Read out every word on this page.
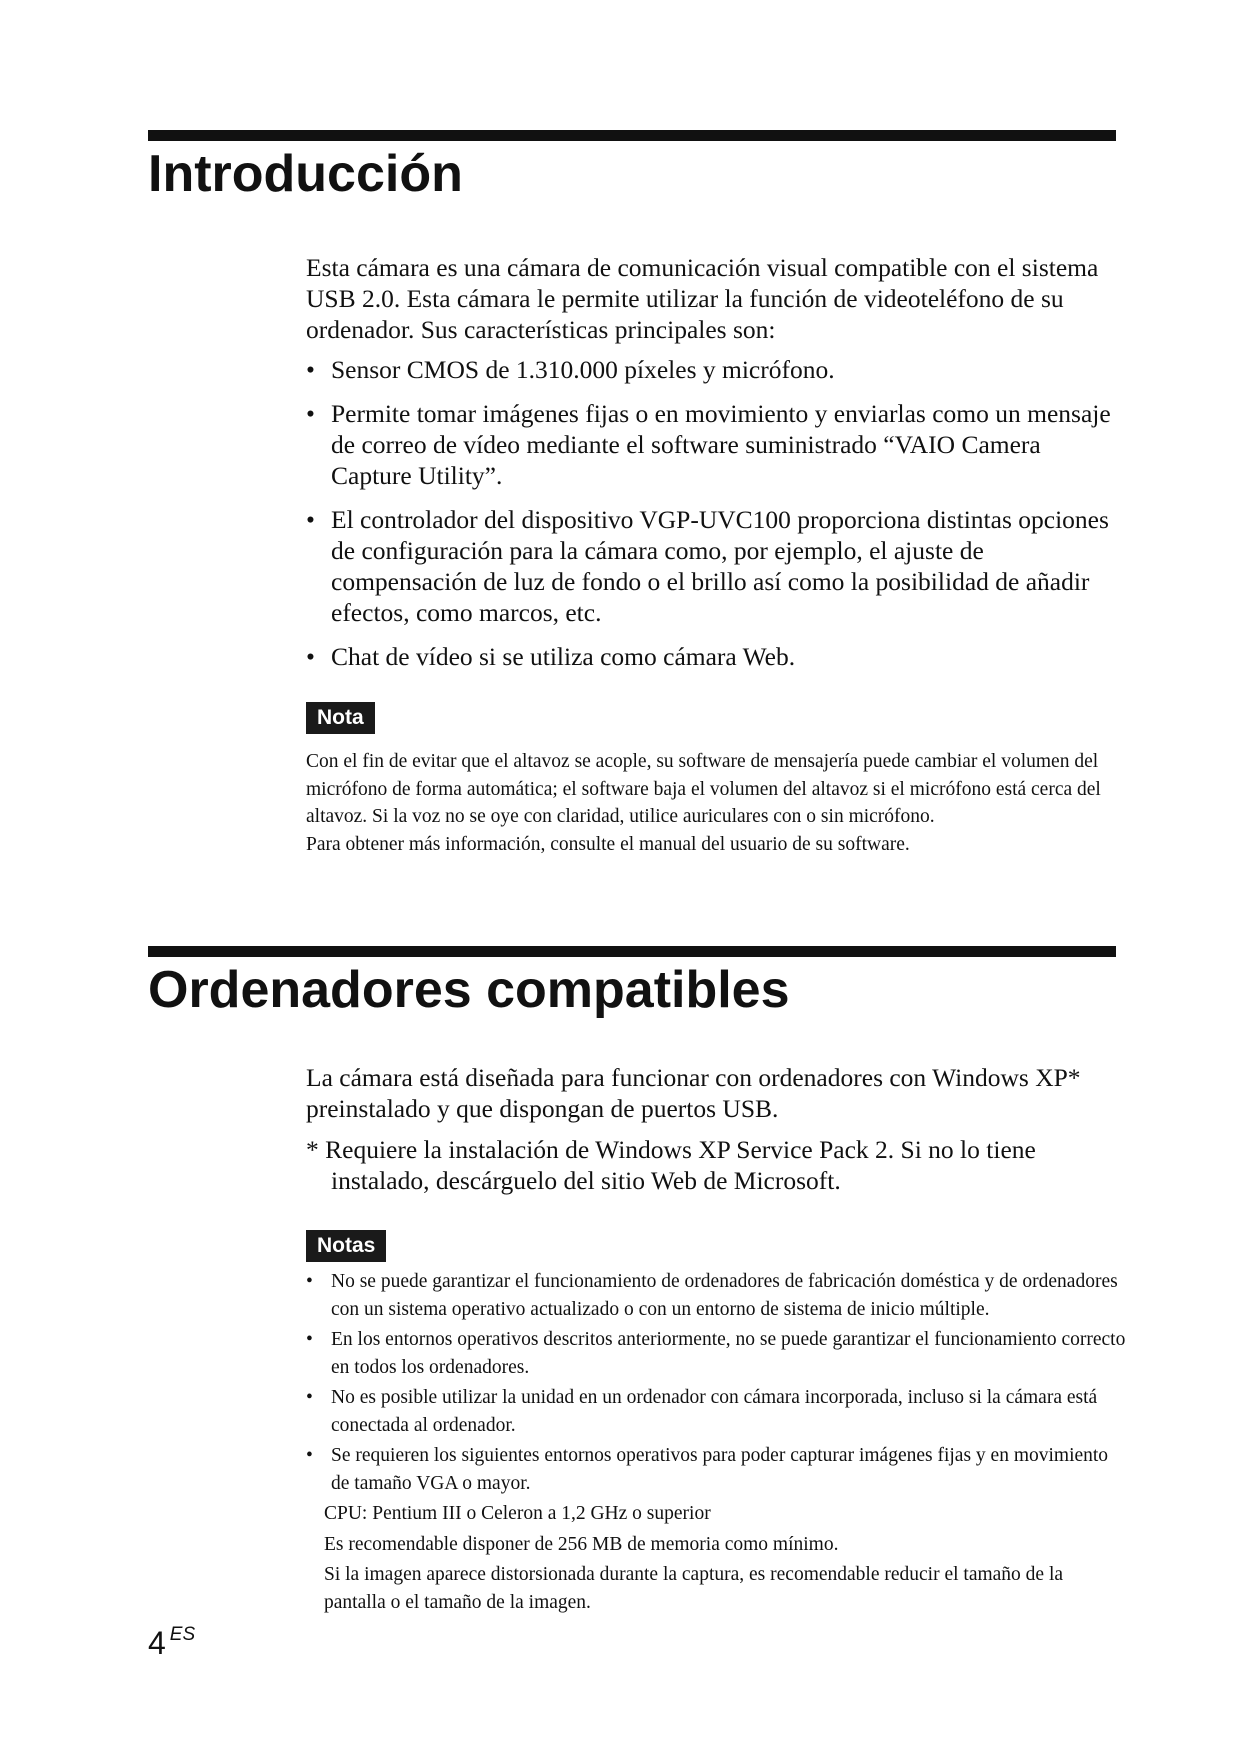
Introducción

Esta cámara es una cámara de comunicación visual compatible con el sistema USB 2.0. Esta cámara le permite utilizar la función de videoteléfono de su ordenador. Sus características principales son:

• Sensor CMOS de 1.310.000 píxeles y micrófono.
• Permite tomar imágenes fijas o en movimiento y enviarlas como un mensaje de correo de vídeo mediante el software suministrado “VAIO Camera Capture Utility”.
• El controlador del dispositivo VGP-UVC100 proporciona distintas opciones de configuración para la cámara como, por ejemplo, el ajuste de compensación de luz de fondo o el brillo así como la posibilidad de añadir efectos, como marcos, etc.
• Chat de vídeo si se utiliza como cámara Web.
Nota
Con el fin de evitar que el altavoz se acople, su software de mensajería puede cambiar el volumen del micrófono de forma automática; el software baja el volumen del altavoz si el micrófono está cerca del altavoz. Si la voz no se oye con claridad, utilice auriculares con o sin micrófono.
Para obtener más información, consulte el manual del usuario de su software.
Ordenadores compatibles

La cámara está diseñada para funcionar con ordenadores con Windows XP* preinstalado y que dispongan de puertos USB.

* Requiere la instalación de Windows XP Service Pack 2. Si no lo tiene instalado, descárguelo del sitio Web de Microsoft.
Notas
• No se puede garantizar el funcionamiento de ordenadores de fabricación doméstica y de ordenadores con un sistema operativo actualizado o con un entorno de sistema de inicio múltiple.
• En los entornos operativos descritos anteriormente, no se puede garantizar el funcionamiento correcto en todos los ordenadores.
• No es posible utilizar la unidad en un ordenador con cámara incorporada, incluso si la cámara está conectada al ordenador.
• Se requieren los siguientes entornos operativos para poder capturar imágenes fijas y en movimiento de tamaño VGA o mayor.
CPU: Pentium III o Celeron a 1,2 GHz o superior
Es recomendable disponer de 256 MB de memoria como mínimo.
Si la imagen aparece distorsionada durante la captura, es recomendable reducir el tamaño de la pantalla o el tamaño de la imagen.
4 ES
